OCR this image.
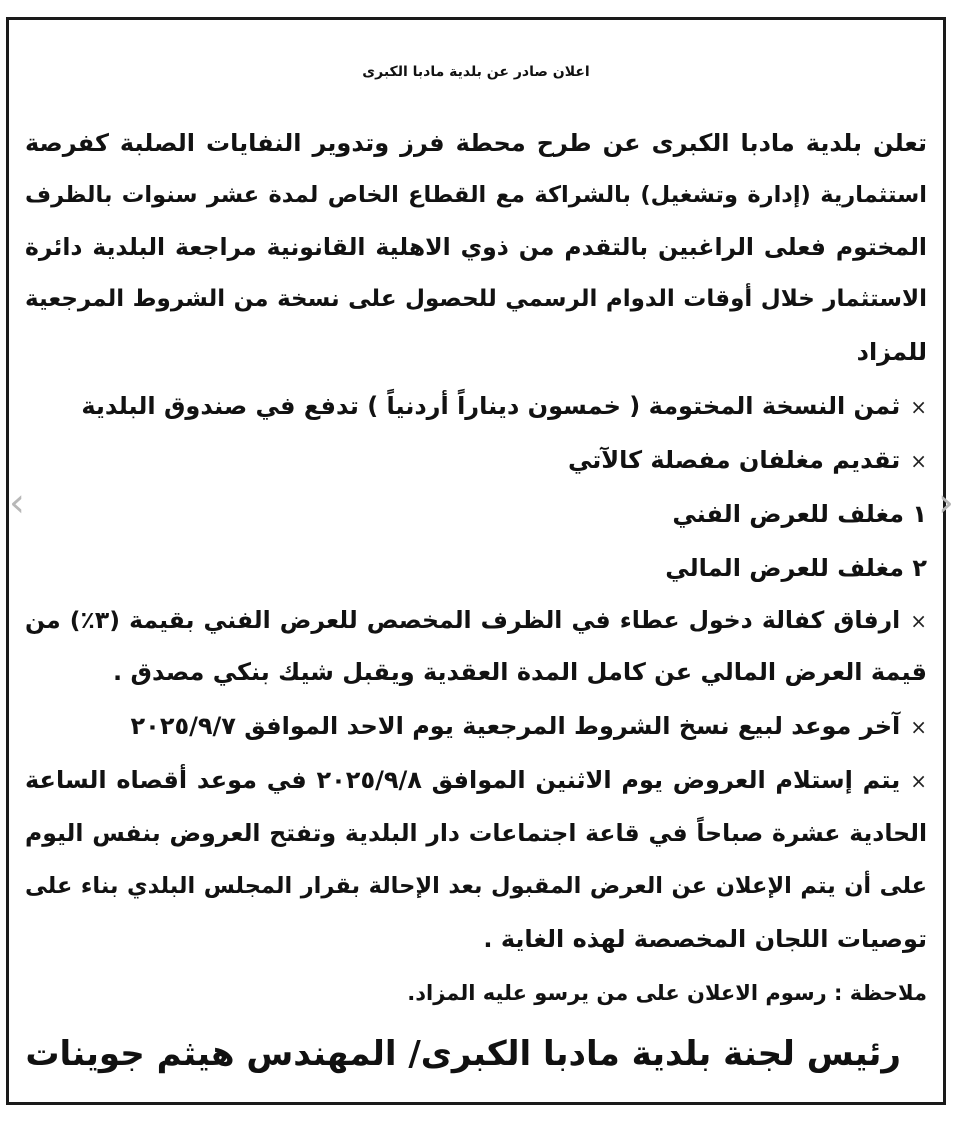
اعلان صادر عن بلدية مادبا الكبرى
تعلن بلدية مادبا الكبرى عن طرح محطة فرز وتدوير النفايات الصلبة كفرصة
استثمارية (إدارة وتشغيل) بالشراكة مع القطاع الخاص لمدة عشر سنوات بالظرف
المختوم فعلى الراغبين بالتقدم من ذوي الاهلية القانونية مراجعة البلدية دائرة
الاستثمار خلال أوقات الدوام الرسمي للحصول على نسخة من الشروط المرجعية
للمزاد
×ثمن النسخة المختومة ( خمسون ديناراً أردنياً ) تدفع في صندوق البلدية
×تقديم مغلفان مفصلة كالآتي
١ مغلف للعرض الفني
٢ مغلف للعرض المالي
×ارفاق كفالة دخول عطاء في الظرف المخصص للعرض الفني بقيمة (٣٪) من
قيمة العرض المالي عن كامل المدة العقدية ويقبل شيك بنكي مصدق .
×آخر موعد لبيع نسخ الشروط المرجعية يوم الاحد الموافق ٢٠٢٥/٩/٧
×يتم إستلام العروض يوم الاثنين الموافق ٢٠٢٥/٩/٨ في موعد أقصاه الساعة
الحادية عشرة صباحاً في قاعة اجتماعات دار البلدية وتفتح العروض بنفس اليوم
على أن يتم الإعلان عن العرض المقبول بعد الإحالة بقرار المجلس البلدي بناء على
توصيات اللجان المخصصة لهذه الغاية .
ملاحظة : رسوم الاعلان على من يرسو عليه المزاد.
رئيس لجنة بلدية مادبا الكبرى/ المهندس هيثم جوينات
‹	›
